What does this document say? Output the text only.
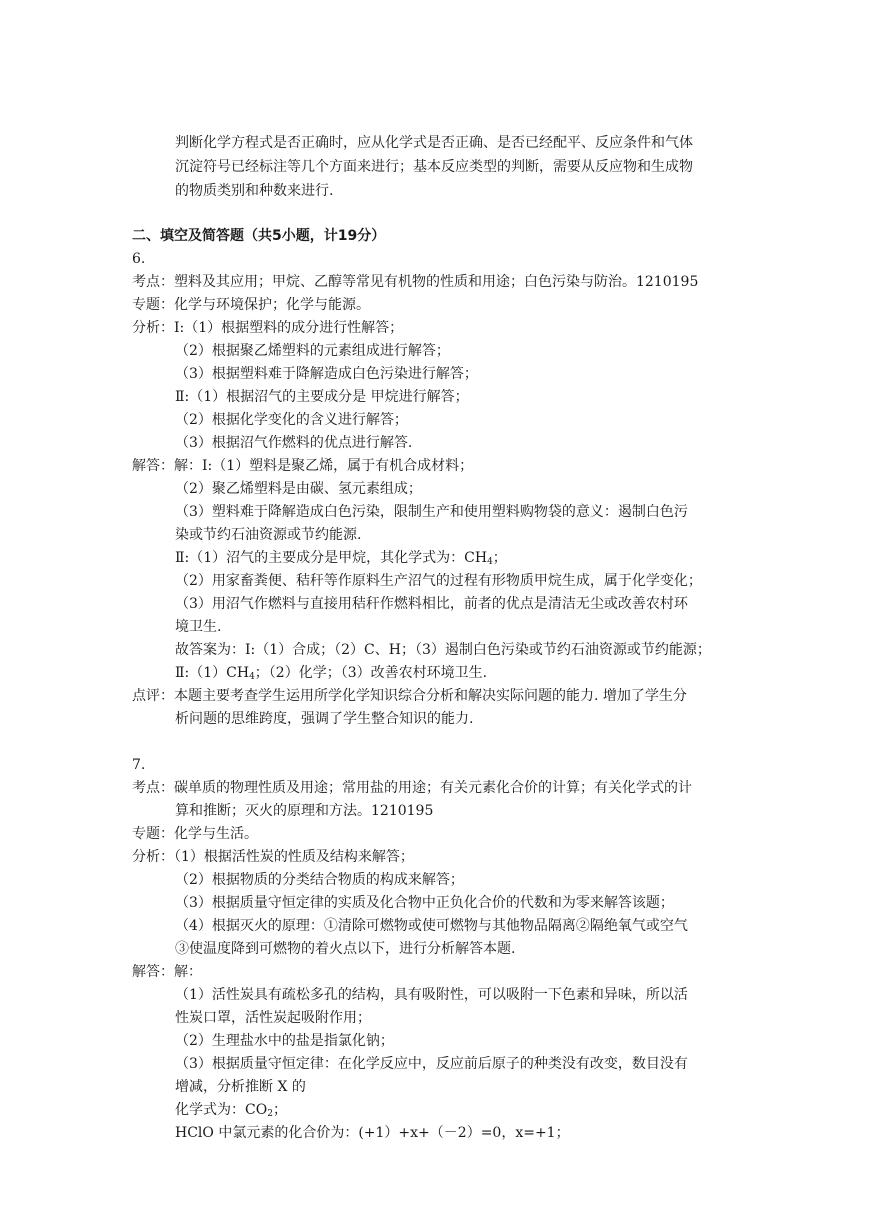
判断化学方程式是否正确时，应从化学式是否正确、是否已经配平、反应条件和气体
沉淀符号已经标注等几个方面来进行；基本反应类型的判断，需要从反应物和生成物
的物质类别和种数来进行.
二、填空及简答题（共5小题，计19分）
6.
考点：塑料及其应用；甲烷、乙醇等常见有机物的性质和用途；白色污染与防治。1210195
专题：化学与环境保护；化学与能源。
分析：Ⅰ:（1）根据塑料的成分进行性解答；
（2）根据聚乙烯塑料的元素组成进行解答；
（3）根据塑料难于降解造成白色污染进行解答；
Ⅱ:（1）根据沼气的主要成分是 甲烷进行解答；
（2）根据化学变化的含义进行解答；
（3）根据沼气作燃料的优点进行解答.
解答：解：Ⅰ:（1）塑料是聚乙烯，属于有机合成材料；
（2）聚乙烯塑料是由碳、氢元素组成；
（3）塑料难于降解造成白色污染，限制生产和使用塑料购物袋的意义：遏制白色污
染或节约石油资源或节约能源.
Ⅱ:（1）沼气的主要成分是甲烷，其化学式为：$CH_4$；
（2）用家畜粪便、秸秆等作原料生产沼气的过程有形物质甲烷生成，属于化学变化；
（3）用沼气作燃料与直接用秸秆作燃料相比，前者的优点是清洁无尘或改善农村环
境卫生.
故答案为：Ⅰ:（1）合成；（2）C、H；（3）遏制白色污染或节约石油资源或节约能源；
$Ⅱ:(1)CH_4$；（2）化学；（3）改善农村环境卫生.
点评：本题主要考查学生运用所学化学知识综合分析和解决实际问题的能力. 增加了学生分
析问题的思维跨度，强调了学生整合知识的能力.
7.
考点：碳单质的物理性质及用途；常用盐的用途；有关元素化合价的计算；有关化学式的计
算和推断；灭火的原理和方法。1210195
专题：化学与生活。
分析：（1）根据活性炭的性质及结构来解答；
（2）根据物质的分类结合物质的构成来解答；
（3）根据质量守恒定律的实质及化合物中正负化合价的代数和为零来解答该题；
（4）根据灭火的原理：①清除可燃物或使可燃物与其他物品隔离②隔绝氧气或空气
③使温度降到可燃物的着火点以下，进行分析解答本题.
解答：解：
（1）活性炭具有疏松多孔的结构，具有吸附性，可以吸附一下色素和异味，所以活
性炭口罩，活性炭起吸附作用；
（2）生理盐水中的盐是指氯化钠；
（3）根据质量守恒定律：在化学反应中，反应前后原子的种类没有改变，数目没有
增减，分析推断 X 的
化学式为：$CO_2$；
HClO 中氯元素的化合价为：(+1）+x+（－2）=0，x=+1；
